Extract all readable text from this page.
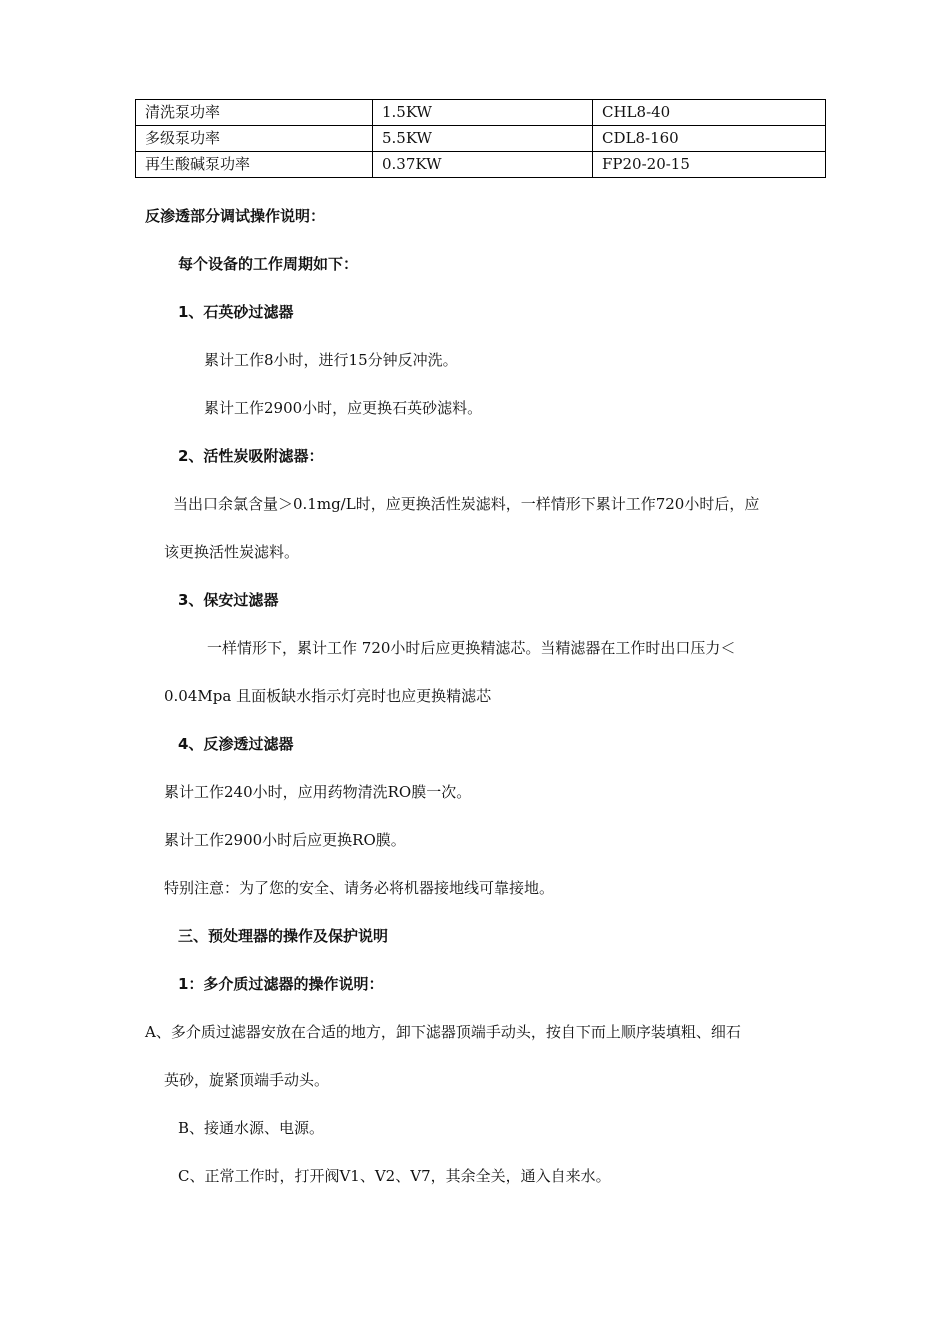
清洗泵功率	1.5KW	CHL8-40
多级泵功率	5.5KW	CDL8-160
再生酸碱泵功率	0.37KW	FP20-20-15
反渗透部分调试操作说明：
每个设备的工作周期如下：
1、石英砂过滤器
累计工作8小时，进行15分钟反冲洗。
累计工作2900小时，应更换石英砂滤料。
2、活性炭吸附滤器：
当出口余氯含量＞0.1mg/L时，应更换活性炭滤料，一样情形下累计工作720小时后，应
该更换活性炭滤料。
3、保安过滤器
一样情形下，累计工作 720小时后应更换精滤芯。当精滤器在工作时出口压力＜
0.04Mpa 且面板缺水指示灯亮时也应更换精滤芯
4、反渗透过滤器
累计工作240小时，应用药物清洗RO膜一次。
累计工作2900小时后应更换RO膜。
特别注意：为了您的安全、请务必将机器接地线可靠接地。
三、预处理器的操作及保护说明
1：多介质过滤器的操作说明：
A、多介质过滤器安放在合适的地方，卸下滤器顶端手动头，按自下而上顺序装填粗、细石
英砂，旋紧顶端手动头。
B、接通水源、电源。
C、正常工作时，打开阀V1、V2、V7，其余全关，通入自来水。
